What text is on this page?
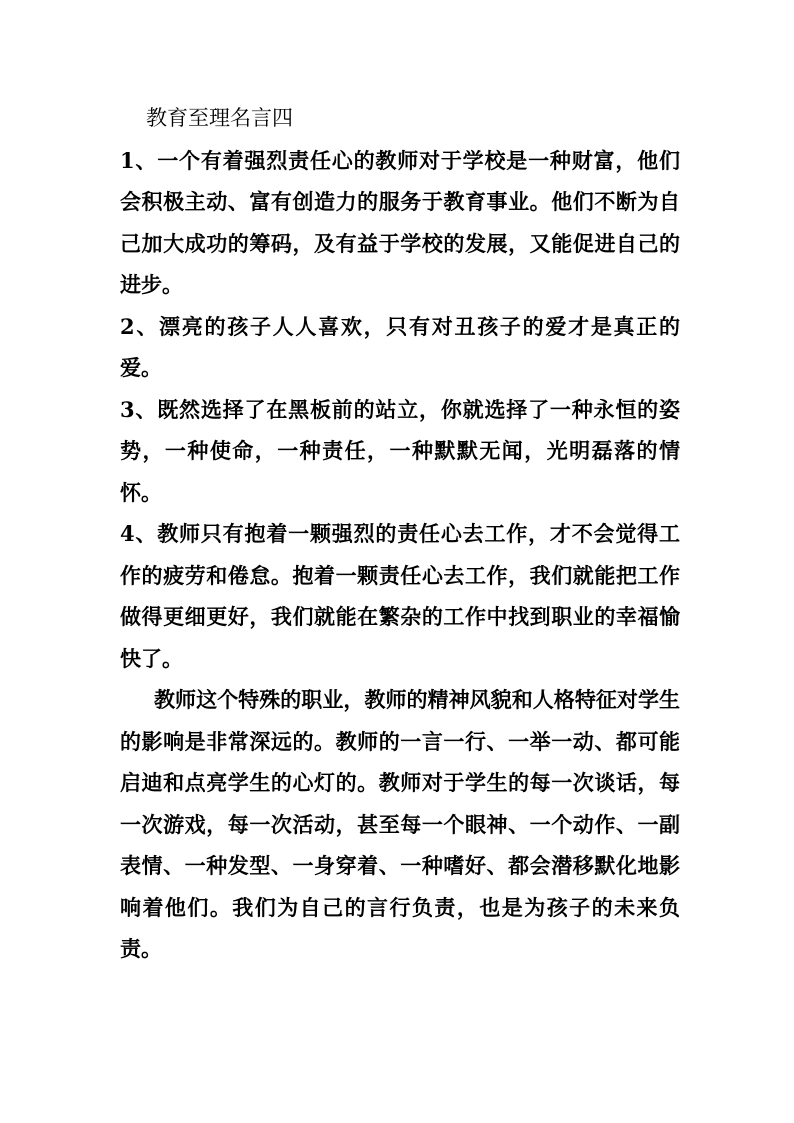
教育至理名言四

1、一个有着强烈责任心的教师对于学校是一种财富，他们会积极主动、富有创造力的服务于教育事业。他们不断为自己加大成功的筹码，及有益于学校的发展，又能促进自己的进步。

2、漂亮的孩子人人喜欢，只有对丑孩子的爱才是真正的爱。

3、既然选择了在黑板前的站立，你就选择了一种永恒的姿势，一种使命，一种责任，一种默默无闻，光明磊落的情怀。

4、教师只有抱着一颗强烈的责任心去工作，才不会觉得工作的疲劳和倦怠。抱着一颗责任心去工作，我们就能把工作做得更细更好，我们就能在繁杂的工作中找到职业的幸福愉快了。

教师这个特殊的职业，教师的精神风貌和人格特征对学生的影响是非常深远的。教师的一言一行、一举一动、都可能启迪和点亮学生的心灯的。教师对于学生的每一次谈话，每一次游戏，每一次活动，甚至每一个眼神、一个动作、一副表情、一种发型、一身穿着、一种嗜好、都会潜移默化地影响着他们。我们为自己的言行负责，也是为孩子的未来负责。
